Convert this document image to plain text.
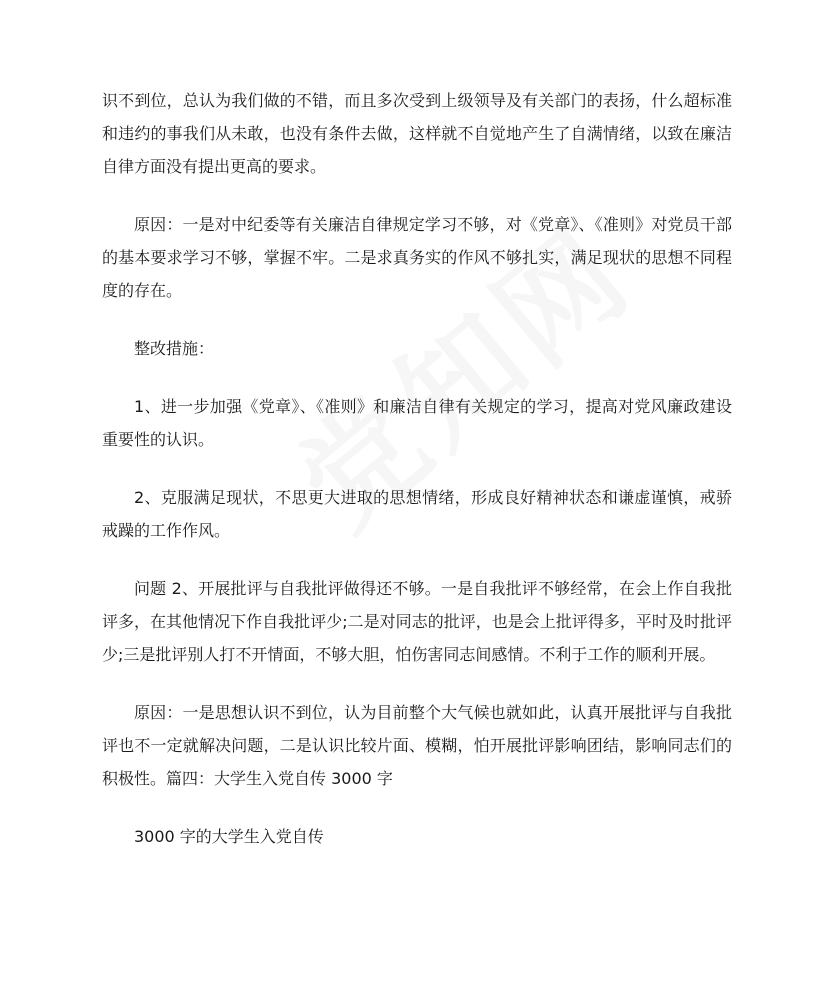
识不到位，总认为我们做的不错，而且多次受到上级领导及有关部门的表扬，什么超标准和违约的事我们从未敢，也没有条件去做，这样就不自觉地产生了自满情绪，以致在廉洁自律方面没有提出更高的要求。

原因：一是对中纪委等有关廉洁自律规定学习不够，对《党章》、《准则》对党员干部的基本要求学习不够，掌握不牢。二是求真务实的作风不够扎实，满足现状的思想不同程度的存在。

整改措施：

1、进一步加强《党章》、《准则》和廉洁自律有关规定的学习，提高对党风廉政建设重要性的认识。

2、克服满足现状，不思更大进取的思想情绪，形成良好精神状态和谦虚谨慎，戒骄戒躁的工作作风。

问题 2、开展批评与自我批评做得还不够。一是自我批评不够经常，在会上作自我批评多，在其他情况下作自我批评少;二是对同志的批评，也是会上批评得多，平时及时批评少;三是批评别人打不开情面，不够大胆，怕伤害同志间感情。不利于工作的顺利开展。

原因：一是思想认识不到位，认为目前整个大气候也就如此，认真开展批评与自我批评也不一定就解决问题，二是认识比较片面、模糊，怕开展批评影响团结，影响同志们的积极性。篇四：大学生入党自传 3000 字

3000 字的大学生入党自传
